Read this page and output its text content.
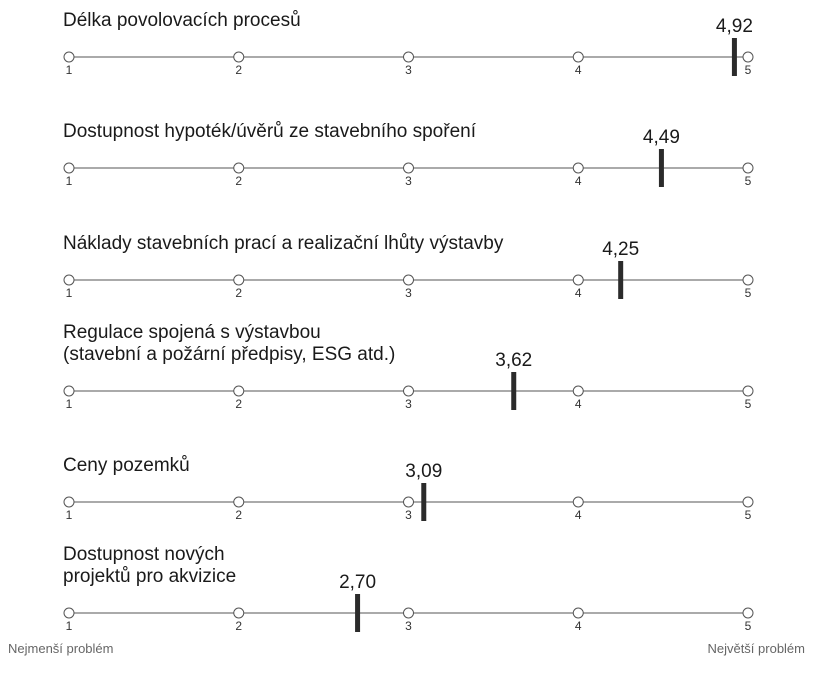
Délka povolovacích procesů
1	2	3	4	5
4,92
Dostupnost hypoték/úvěrů ze stavebního spoření
1	2	3	4	5
4,49
Náklady stavebních prací a realizační lhůty výstavby
1	2	3	4	5
4,25
Regulace spojená s výstavbou
(stavební a požární předpisy, ESG atd.)
1	2	3	4	5
3,62
Ceny pozemků
1	2	3	4	5
3,09
Dostupnost nových
projektů pro akvizice
1	2	3	4	5
2,70
Nejmenší problém	Největší problém
